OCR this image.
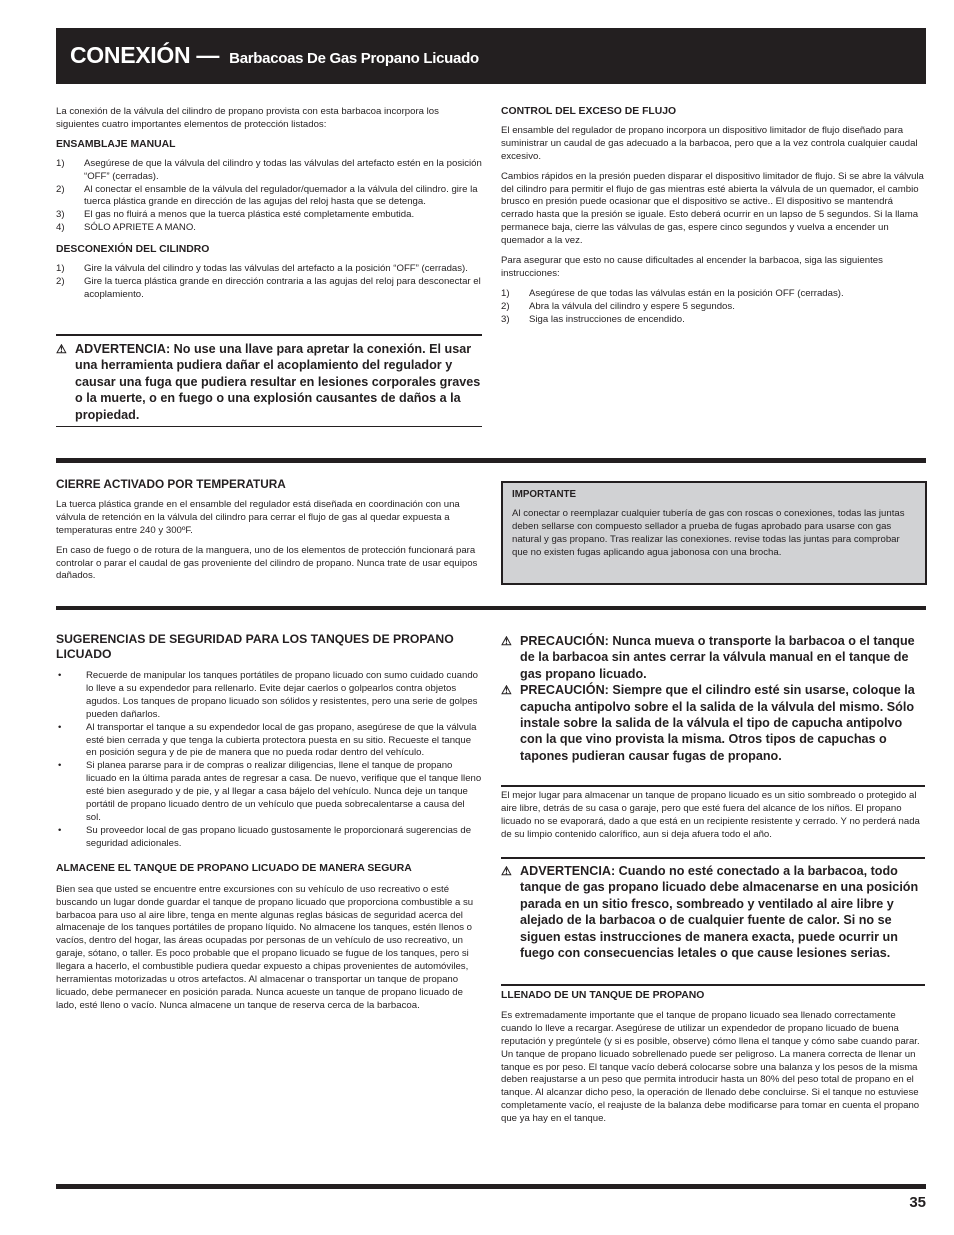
CONEXIÓN — Barbacoas De Gas Propano Licuado

La conexión de la válvula del cilindro de propano provista con esta barbacoa incorpora los siguientes cuatro importantes elementos de protección listados:

ENSAMBLAJE MANUAL
1)	Asegúrese de que la válvula del cilindro y todas las válvulas del artefacto estén en la posición “OFF” (cerradas).
2)	Al conectar el ensamble de la válvula del regulador/quemador a la válvula del cilindro. gire la tuerca plástica grande en dirección de las agujas del reloj hasta que se detenga.
3)	El gas no fluirá a menos que la tuerca plástica esté completamente embutida.
4)	SÓLO APRIETE A MANO.
DESCONEXIÓN DEL CILINDRO
1)	Gire la válvula del cilindro y todas las válvulas del artefacto a la posición “OFF” (cerradas).
2)	Gire la tuerca plástica grande en dirección contraria a las agujas del reloj para desconectar el acoplamiento.
⚠ ADVERTENCIA: No use una llave para apretar la conexión. El usar una herramienta pudiera dañar el acoplamiento del regulador y causar una fuga que pudiera resultar en lesiones corporales graves o la muerte, o en fuego o una explosión causantes de daños a la propiedad.
CONTROL DEL EXCESO DE FLUJO

El ensamble del regulador de propano incorpora un dispositivo limitador de flujo diseñado para suministrar un caudal de gas adecuado a la barbacoa, pero que a la vez controla cualquier caudal excesivo.

Cambios rápidos en la presión pueden disparar el dispositivo limitador de flujo. Si se abre la válvula del cilindro para permitir el flujo de gas mientras esté abierta la válvula de un quemador, el cambio brusco en presión puede ocasionar que el dispositivo se active.. El dispositivo se mantendrá cerrado hasta que la presión se iguale. Esto deberá ocurrir en un lapso de 5 segundos. Si la llama permanece baja, cierre las válvulas de gas, espere cinco segundos y vuelva a encender un quemador a la vez.

Para asegurar que esto no cause dificultades al encender la barbacoa, siga las siguientes instrucciones:

1)	Asegúrese de que todas las válvulas están en la posición OFF (cerradas).
2)	Abra la válvula del cilindro y espere 5 segundos.
3)	Siga las instrucciones de encendido.
CIERRE ACTIVADO POR TEMPERATURA

La tuerca plástica grande en el ensamble del regulador está diseñada en coordinación con una válvula de retención en la válvula del cilindro para cerrar el flujo de gas al quedar expuesta a temperaturas entre 240 y 300ºF.

En caso de fuego o de rotura de la manguera, uno de los elementos de protección funcionará para controlar o parar el caudal de gas proveniente del cilindro de propano. Nunca trate de usar equipos dañados.

IMPORTANTE
Al conectar o reemplazar cualquier tubería de gas con roscas o conexiones, todas las juntas deben sellarse con compuesto sellador a prueba de fugas aprobado para usarse con gas natural y gas propano. Tras realizar las conexiones. revise todas las juntas para comprobar que no existen fugas aplicando agua jabonosa con una brocha.
SUGERENCIAS DE SEGURIDAD PARA LOS TANQUES DE PROPANO LICUADO
•	Recuerde de manipular los tanques portátiles de propano licuado con sumo cuidado cuando lo lleve a su expendedor para rellenarlo. Evite dejar caerlos o golpearlos contra objetos agudos. Los tanques de propano licuado son sólidos y resistentes, pero una serie de golpes pueden dañarlos.
•	Al transportar el tanque a su expendedor local de gas propano, asegúrese de que la válvula esté bien cerrada y que tenga la cubierta protectora puesta en su sitio. Recueste el tanque en posición segura y de pie de manera que no pueda rodar dentro del vehículo.
•	Si planea pararse para ir de compras o realizar diligencias, llene el tanque de propano licuado en la última parada antes de regresar a casa. De nuevo, verifique que el tanque lleno esté bien asegurado y de pie, y al llegar a casa bájelo del vehículo. Nunca deje un tanque portátil de propano licuado dentro de un vehículo que pueda sobrecalentarse a causa del sol.
•	Su proveedor local de gas propano licuado gustosamente le proporcionará sugerencias de seguridad adicionales.
ALMACENE EL TANQUE DE PROPANO LICUADO DE MANERA SEGURA

Bien sea que usted se encuentre entre excursiones con su vehículo de uso recreativo o esté buscando un lugar donde guardar el tanque de propano licuado que proporciona combustible a su barbacoa para uso al aire libre, tenga en mente algunas reglas básicas de seguridad acerca del almacenaje de los tanques portátiles de propano líquido. No almacene los tanques, estén llenos o vacíos, dentro del hogar, las áreas ocupadas por personas de un vehículo de uso recreativo, un garaje, sótano, o taller. Es poco probable que el propano licuado se fugue de los tanques, pero si llegara a hacerlo, el combustible pudiera quedar expuesto a chipas provenientes de automóviles, herramientas motorizadas u otros artefactos. Al almacenar o transportar un tanque de propano licuado, debe permanecer en posición parada. Nunca acueste un tanque de propano licuado de lado, esté lleno o vacío. Nunca almacene un tanque de reserva cerca de la barbacoa.

⚠ PRECAUCIÓN: Nunca mueva o transporte la barbacoa o el tanque de la barbacoa sin antes cerrar la válvula manual en el tanque de gas propano licuado.
⚠ PRECAUCIÓN: Siempre que el cilindro esté sin usarse, coloque la capucha antipolvo sobre el la salida de la válvula del mismo. Sólo instale sobre la salida de la válvula el tipo de capucha antipolvo con la que vino provista la misma. Otros tipos de capuchas o tapones pudieran causar fugas de propano.

El mejor lugar para almacenar un tanque de propano licuado es un sitio sombreado o protegido al aire libre, detrás de su casa o garaje, pero que esté fuera del alcance de los niños. El propano licuado no se evaporará, dado a que está en un recipiente resistente y cerrado. Y no perderá nada de su limpio contenido calorífico, aun si deja afuera todo el año.

⚠ ADVERTENCIA: Cuando no esté conectado a la barbacoa, todo tanque de gas propano licuado debe almacenarse en una posición parada en un sitio fresco, sombreado y ventilado al aire libre y alejado de la barbacoa o de cualquier fuente de calor. Si no se siguen estas instrucciones de manera exacta, puede ocurrir un fuego con consecuencias letales o que cause lesiones serias.
LLENADO DE UN TANQUE DE PROPANO

Es extremadamente importante que el tanque de propano licuado sea llenado correctamente cuando lo lleve a recargar. Asegúrese de utilizar un expendedor de propano licuado de buena reputación y pregúntele (y si es posible, observe) cómo llena el tanque y cómo sabe cuando parar. Un tanque de propano licuado sobrellenado puede ser peligroso. La manera correcta de llenar un tanque es por peso. El tanque vacío deberá colocarse sobre una balanza y los pesos de la misma deben reajustarse a un peso que permita introducir hasta un 80% del peso total de propano en el tanque. Al alcanzar dicho peso, la operación de llenado debe concluirse. Si el tanque no estuviese completamente vacío, el reajuste de la balanza debe modificarse para tomar en cuenta el propano que ya hay en el tanque.

35
